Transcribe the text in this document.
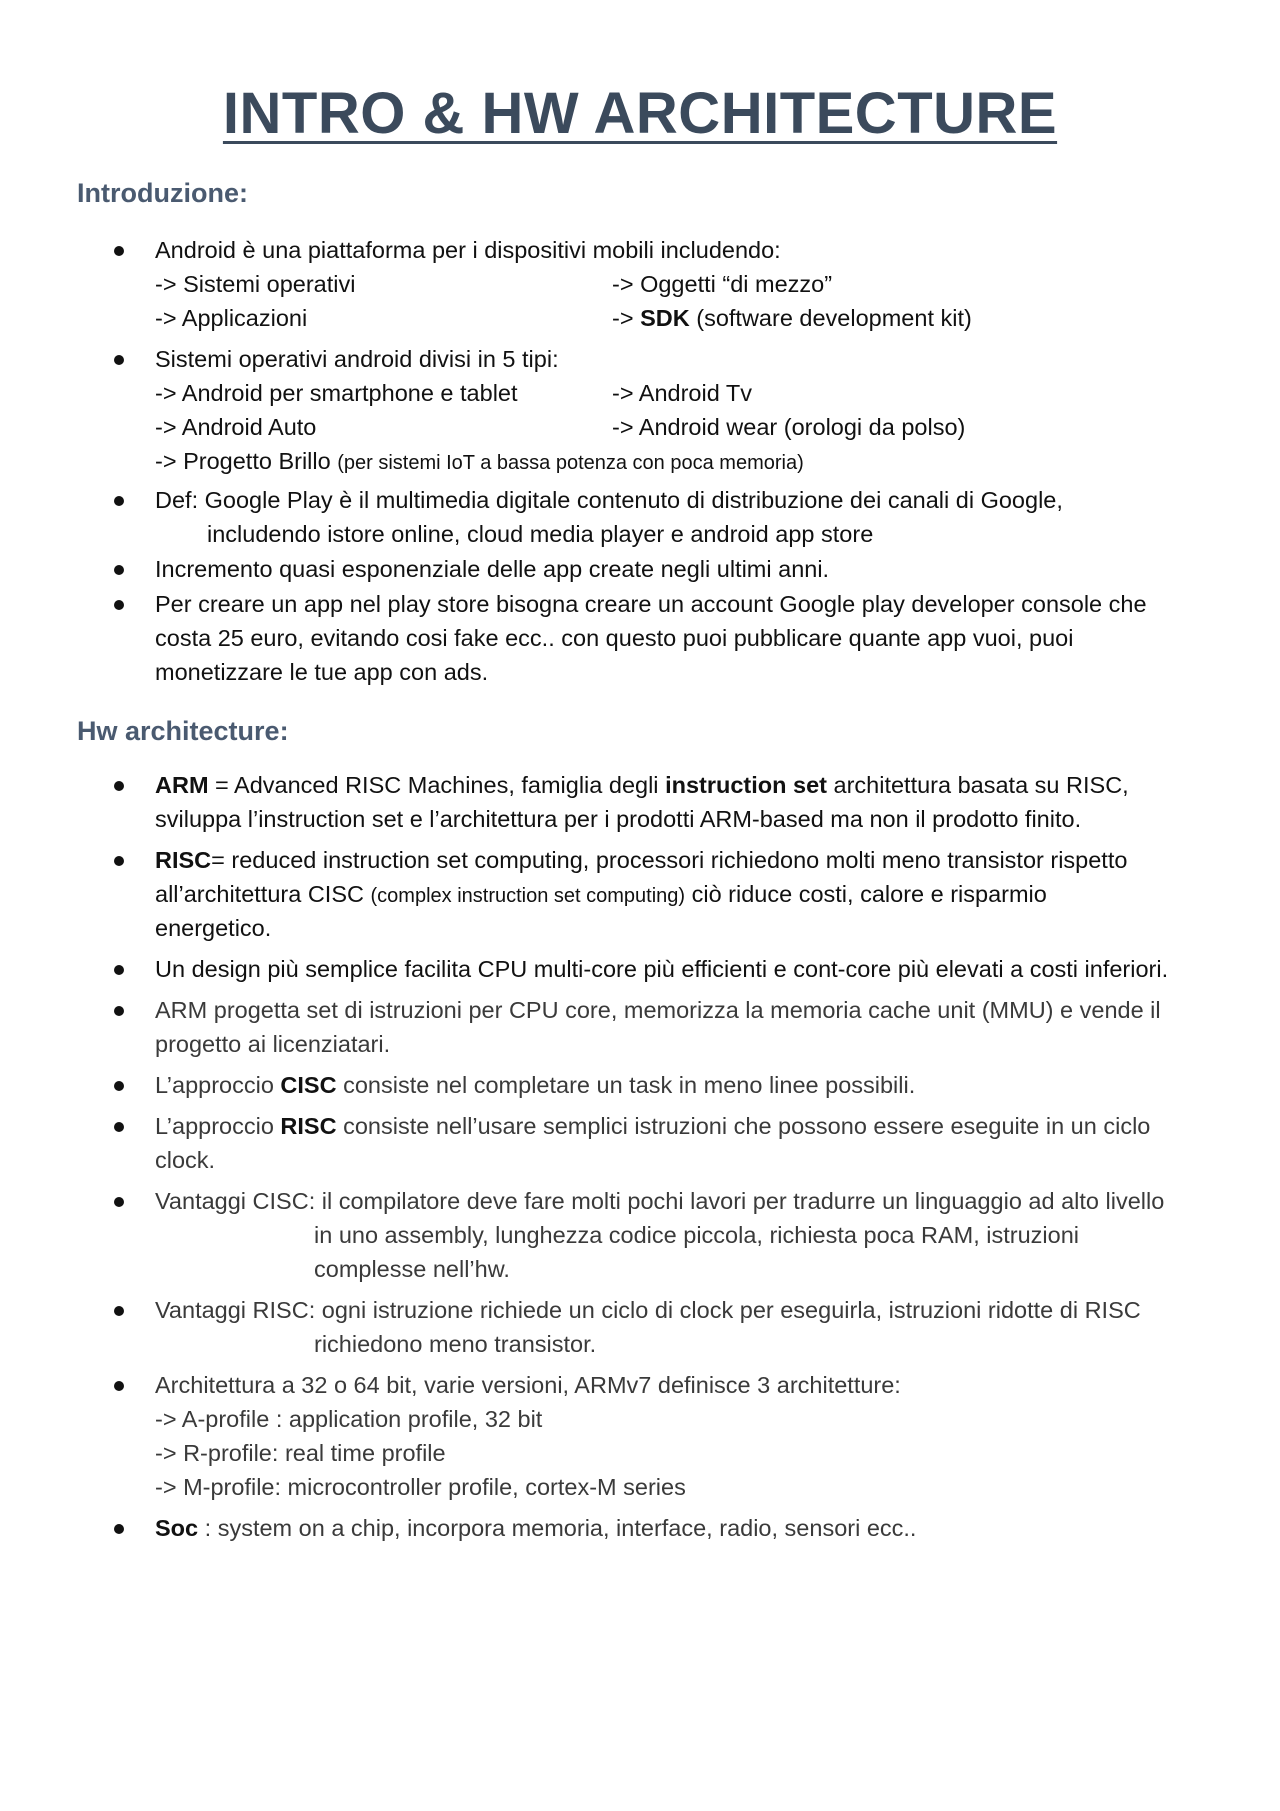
INTRO & HW ARCHITECTURE
Introduzione:
Android è una piattaforma per i dispositivi mobili includendo:
-> Sistemi operativi	-> Oggetti “di mezzo”
-> Applicazioni	-> SDK (software development kit)
Sistemi operativi android divisi in 5 tipi:
-> Android per smartphone e tablet	-> Android Tv
-> Android Auto	-> Android wear (orologi da polso)
-> Progetto Brillo (per sistemi IoT a bassa potenza con poca memoria)
Def: Google Play è il multimedia digitale contenuto di distribuzione dei canali di Google,
includendo istore online, cloud media player e android app store
Incremento quasi esponenziale delle app create negli ultimi anni.
Per creare un app nel play store bisogna creare un account Google play developer console che
costa 25 euro, evitando cosi fake ecc.. con questo puoi pubblicare quante app vuoi, puoi
monetizzare le tue app con ads.
Hw architecture:
ARM = Advanced RISC Machines, famiglia degli instruction set architettura basata su RISC,
sviluppa l’instruction set e l’architettura per i prodotti ARM-based ma non il prodotto finito.
RISC= reduced instruction set computing, processori richiedono molti meno transistor rispetto
all’architettura CISC (complex instruction set computing) ciò riduce costi, calore e risparmio
energetico.
Un design più semplice facilita CPU multi-core più efficienti e cont-core più elevati a costi inferiori.
ARM progetta set di istruzioni per CPU core, memorizza la memoria cache unit (MMU) e vende il
progetto ai licenziatari.
L’approccio CISC consiste nel completare un task in meno linee possibili.
L’approccio RISC consiste nell’usare semplici istruzioni che possono essere eseguite in un ciclo
clock.
Vantaggi CISC: il compilatore deve fare molti pochi lavori per tradurre un linguaggio ad alto livello
in uno assembly, lunghezza codice piccola, richiesta poca RAM, istruzioni
complesse nell’hw.
Vantaggi RISC: ogni istruzione richiede un ciclo di clock per eseguirla, istruzioni ridotte di RISC
richiedono meno transistor.
Architettura a 32 o 64 bit, varie versioni, ARMv7 definisce 3 architetture:
-> A-profile : application profile, 32 bit
-> R-profile: real time profile
-> M-profile: microcontroller profile, cortex-M series
Soc : system on a chip, incorpora memoria, interface, radio, sensori ecc..
